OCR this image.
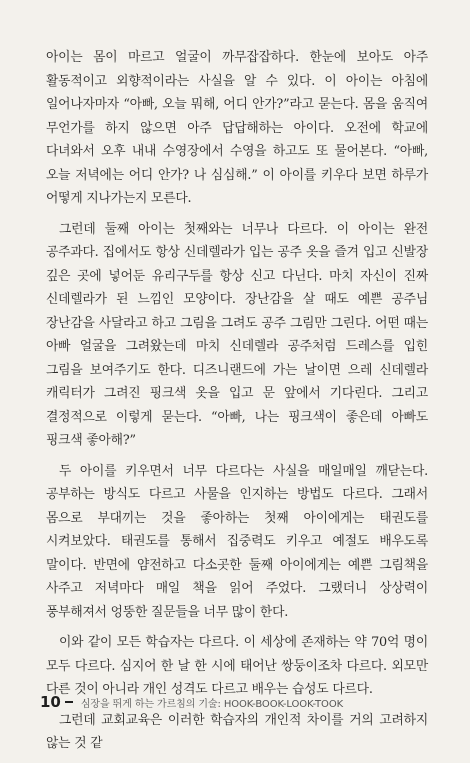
아이는 몸이 마르고 얼굴이 까무잡잡하다. 한눈에 보아도 아주 활동적이고 외향적이라는 사실을 알 수 있다. 이 아이는 아침에 일어나자마자 “아빠, 오늘 뭐해, 어디 안가?”라고 묻는다. 몸을 움직여 무언가를 하지 않으면 아주 답답해하는 아이다. 오전에 학교에 다녀와서 오후 내내 수영장에서 수영을 하고도 또 물어본다. “아빠, 오늘 저녁에는 어디 안가? 나 심심해.” 이 아이를 키우다 보면 하루가 어떻게 지나가는지 모른다.

그런데 둘째 아이는 첫째와는 너무나 다르다. 이 아이는 완전 공주과다. 집에서도 항상 신데렐라가 입는 공주 옷을 즐겨 입고 신발장 깊은 곳에 넣어둔 유리구두를 항상 신고 다닌다. 마치 자신이 진짜 신데렐라가 된 느낌인 모양이다. 장난감을 살 때도 예쁜 공주님 장난감을 사달라고 하고 그림을 그려도 공주 그림만 그린다. 어떤 때는 아빠 얼굴을 그려왔는데 마치 신데렐라 공주처럼 드레스를 입힌 그림을 보여주기도 한다. 디즈니랜드에 가는 날이면 으레 신데렐라 캐릭터가 그려진 핑크색 옷을 입고 문 앞에서 기다린다. 그리고 결정적으로 이렇게 묻는다. “아빠, 나는 핑크색이 좋은데 아빠도 핑크색 좋아해?”

두 아이를 키우면서 너무 다르다는 사실을 매일매일 깨닫는다. 공부하는 방식도 다르고 사물을 인지하는 방법도 다르다. 그래서 몸으로 부대끼는 것을 좋아하는 첫째 아이에게는 태권도를 시켜보았다. 태권도를 통해서 집중력도 키우고 예절도 배우도록 말이다. 반면에 얌전하고 다소곳한 둘째 아이에게는 예쁜 그림책을 사주고 저녁마다 매일 책을 읽어 주었다. 그랬더니 상상력이 풍부해져서 엉뚱한 질문들을 너무 많이 한다.

이와 같이 모든 학습자는 다르다. 이 세상에 존재하는 약 70억 명이 모두 다르다. 심지어 한 날 한 시에 태어난 쌍둥이조차 다르다. 외모만 다른 것이 아니라 개인 성격도 다르고 배우는 습성도 다르다.

그런데 교회교육은 이러한 학습자의 개인적 차이를 거의 고려하지 않는 것 같

10 심장을 뛰게 하는 가르침의 기술: HOOK-BOOK-LOOK-TOOK
